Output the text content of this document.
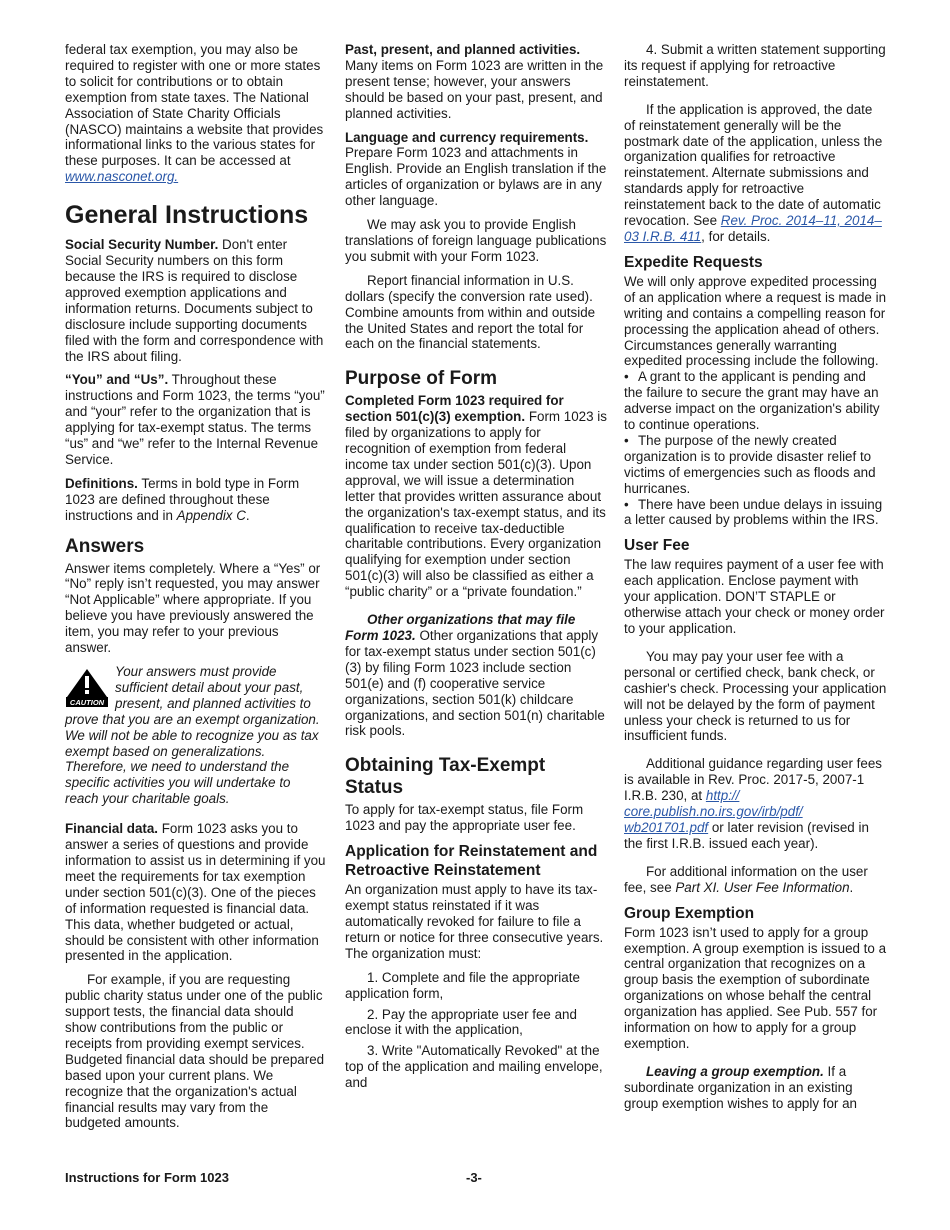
federal tax exemption, you may also be required to register with one or more states to solicit for contributions or to obtain exemption from state taxes. The National Association of State Charity Officials (NASCO) maintains a website that provides informational links to the various states for these purposes. It can be accessed at www.nasconet.org.

General Instructions

Social Security Number. Don't enter Social Security numbers on this form because the IRS is required to disclose approved exemption applications and information returns. Documents subject to disclosure include supporting documents filed with the form and correspondence with the IRS about filing.

“You” and “Us”. Throughout these instructions and Form 1023, the terms “you” and “your” refer to the organization that is applying for tax-exempt status. The terms “us” and “we” refer to the Internal Revenue Service.

Definitions. Terms in bold type in Form 1023 are defined throughout these instructions and in Appendix C.

Answers

Answer items completely. Where a “Yes” or “No” reply isn’t requested, you may answer “Not Applicable” where appropriate. If you believe you have previously answered the item, you may refer to your previous answer.

CAUTION
Your answers must provide sufficient detail about your past, present, and planned activities to prove that you are an exempt organization. We will not be able to recognize you as tax exempt based on generalizations. Therefore, we need to understand the specific activities you will undertake to reach your charitable goals.

Financial data. Form 1023 asks you to answer a series of questions and provide information to assist us in determining if you meet the requirements for tax exemption under section 501(c)(3). One of the pieces of information requested is financial data. This data, whether budgeted or actual, should be consistent with other information presented in the application.

For example, if you are requesting public charity status under one of the public support tests, the financial data should show contributions from the public or receipts from providing exempt services. Budgeted financial data should be prepared based upon your current plans. We recognize that the organization's actual financial results may vary from the budgeted amounts.

Past, present, and planned activities.
Many items on Form 1023 are written in the present tense; however, your answers should be based on your past, present, and planned activities.

Language and currency requirements.
Prepare Form 1023 and attachments in English. Provide an English translation if the articles of organization or bylaws are in any other language.

We may ask you to provide English translations of foreign language publications you submit with your Form 1023.

Report financial information in U.S. dollars (specify the conversion rate used). Combine amounts from within and outside the United States and report the total for each on the financial statements.

Purpose of Form

Completed Form 1023 required for section 501(c)(3) exemption. Form 1023 is filed by organizations to apply for recognition of exemption from federal income tax under section 501(c)(3). Upon approval, we will issue a determination letter that provides written assurance about the organization's tax-exempt status, and its qualification to receive tax-deductible charitable contributions. Every organization qualifying for exemption under section 501(c)(3) will also be classified as either a “public charity” or a “private foundation.”

Other organizations that may file Form 1023. Other organizations that apply for tax-exempt status under section 501(c)(3) by filing Form 1023 include section 501(e) and (f) cooperative service organizations, section 501(k) childcare organizations, and section 501(n) charitable risk pools.

Obtaining Tax-Exempt Status

To apply for tax-exempt status, file Form 1023 and pay the appropriate user fee.

Application for Reinstatement and Retroactive Reinstatement

An organization must apply to have its tax-exempt status reinstated if it was automatically revoked for failure to file a return or notice for three consecutive years. The organization must:

1. Complete and file the appropriate application form,

2. Pay the appropriate user fee and enclose it with the application,

3. Write "Automatically Revoked" at the top of the application and mailing envelope, and

4. Submit a written statement supporting its request if applying for retroactive reinstatement.

If the application is approved, the date of reinstatement generally will be the postmark date of the application, unless the organization qualifies for retroactive reinstatement. Alternate submissions and standards apply for retroactive reinstatement back to the date of automatic revocation. See Rev. Proc. 2014–11, 2014–03 I.R.B. 411, for details.

Expedite Requests

We will only approve expedited processing of an application where a request is made in writing and contains a compelling reason for processing the application ahead of others. Circumstances generally warranting expedited processing include the following.

• A grant to the applicant is pending and the failure to secure the grant may have an adverse impact on the organization's ability to continue operations.

• The purpose of the newly created organization is to provide disaster relief to victims of emergencies such as floods and hurricanes.

• There have been undue delays in issuing a letter caused by problems within the IRS.

User Fee

The law requires payment of a user fee with each application. Enclose payment with your application. DON’T STAPLE or otherwise attach your check or money order to your application.

You may pay your user fee with a personal or certified check, bank check, or cashier's check. Processing your application will not be delayed by the form of payment unless your check is returned to us for insufficient funds.

Additional guidance regarding user fees is available in Rev. Proc. 2017-5, 2007-1 I.R.B. 230, at http:// core.publish.no.irs.gov/irb/pdf/ wb201701.pdf or later revision (revised in the first I.R.B. issued each year).

For additional information on the user fee, see Part XI. User Fee Information.

Group Exemption

Form 1023 isn’t used to apply for a group exemption. A group exemption is issued to a central organization that recognizes on a group basis the exemption of subordinate organizations on whose behalf the central organization has applied. See Pub. 557 for information on how to apply for a group exemption.

Leaving a group exemption. If a subordinate organization in an existing group exemption wishes to apply for an

Instructions for Form 1023	-3-
